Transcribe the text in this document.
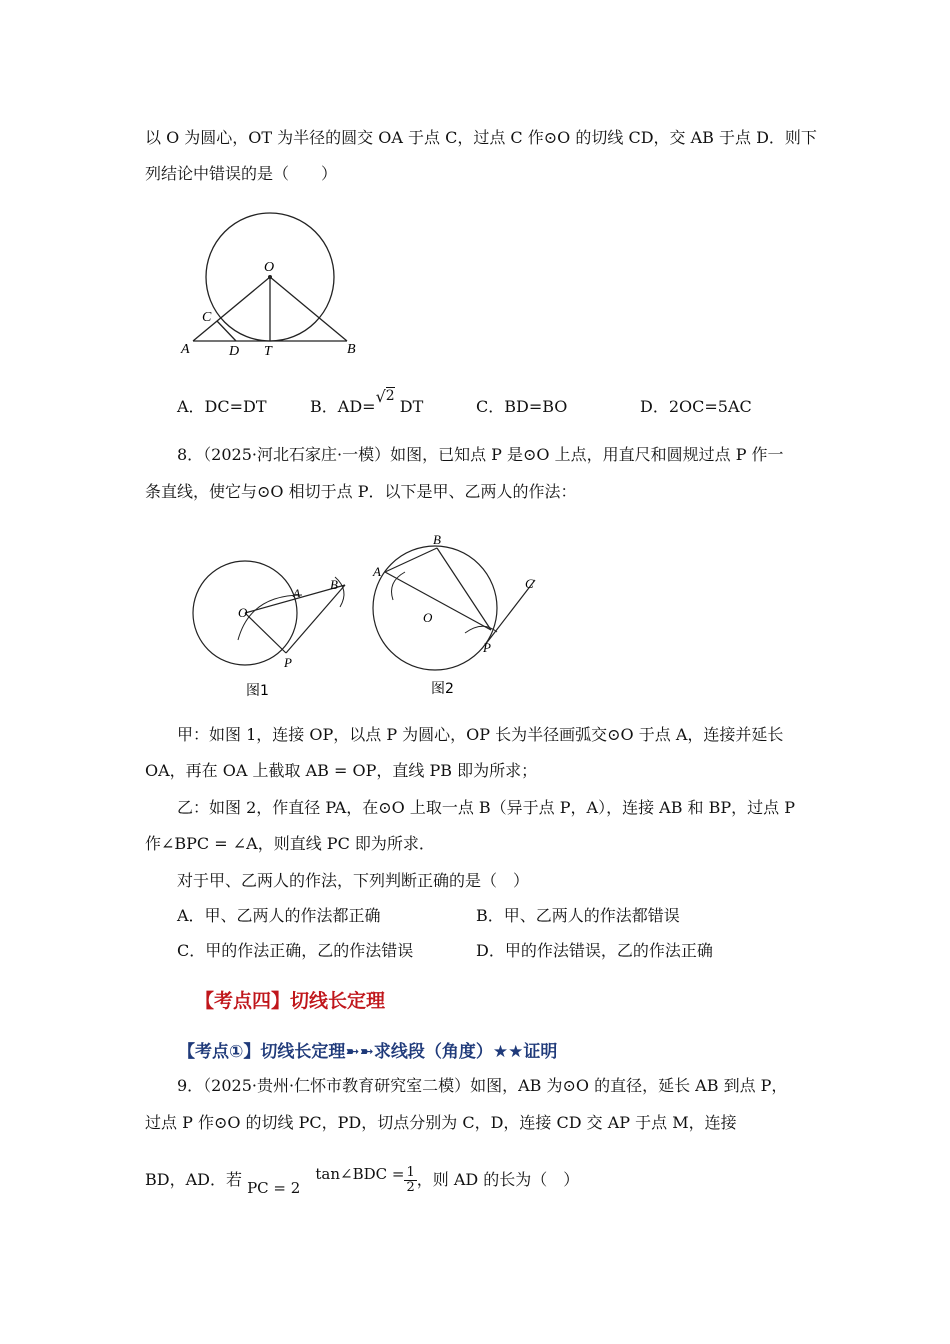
以 O 为圆心，OT 为半径的圆交 OA 于点 C，过点 C 作⊙O 的切线 CD，交 AB 于点 D．则下
列结论中错误的是（　　）
O
C
A	D T	B
A．DC=DT	B．AD=√2 DT	C．BD=BO	D．2OC=5AC
8．（2025·河北石家庄·一模）如图，已知点 P 是⊙O 上点，用直尺和圆规过点 P 作一
条直线，使它与⊙O 相切于点 P．以下是甲、乙两人的作法：
O
A
B
P
图1
A
B
C
O
P
图2
甲：如图 1，连接 OP，以点 P 为圆心，OP 长为半径画弧交⊙O 于点 A，连接并延长
OA，再在 OA 上截取 AB = OP，直线 PB 即为所求；
乙：如图 2，作直径 PA，在⊙O 上取一点 B（异于点 P，A），连接 AB 和 BP，过点 P
作∠BPC = ∠A，则直线 PC 即为所求．
对于甲、乙两人的作法，下列判断正确的是（　）
A．甲、乙两人的作法都正确	B．甲、乙两人的作法都错误
C．甲的作法正确，乙的作法错误	D．甲的作法错误，乙的作法正确
【考点四】切线长定理
【考点①】切线长定理➼➼求线段（角度）★★证明
9．（2025·贵州·仁怀市教育研究室二模）如图，AB 为⊙O 的直径，延长 AB 到点 P，
过点 P 作⊙O 的切线 PC，PD，切点分别为 C，D，连接 CD 交 AP 于点 M，连接
BD，AD．若 PC = 2 tan∠BDC = $\frac{1}{2}$ ，则 AD 的长为（　）
